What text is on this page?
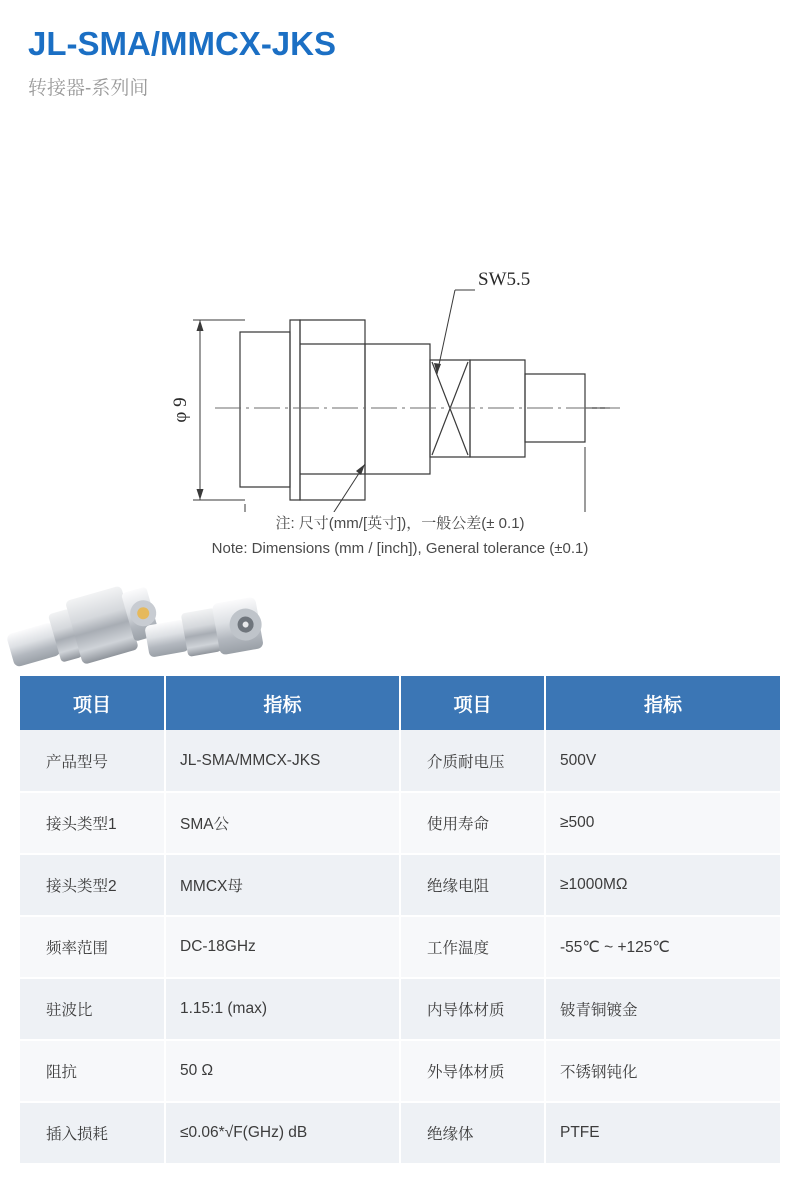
JL-SMA/MMCX-JKS
转接器-系列间
φ 9
SW5.5
注: 尺寸(mm/[英寸])，一般公差(± 0.1)
Note: Dimensions (mm / [inch]), General tolerance (±0.1)
项目	指标	项目	指标
产品型号	JL-SMA/MMCX-JKS	介质耐电压	500V
接头类型1	SMA公	使用寿命	≥500
接头类型2	MMCX母	绝缘电阻	≥1000MΩ
频率范围	DC-18GHz	工作温度	-55℃ ~ +125℃
驻波比	1.15:1 (max)	内导体材质	铍青铜镀金
阻抗	50 Ω	外导体材质	不锈钢钝化
插入损耗	≤0.06*√F(GHz) dB	绝缘体	PTFE
